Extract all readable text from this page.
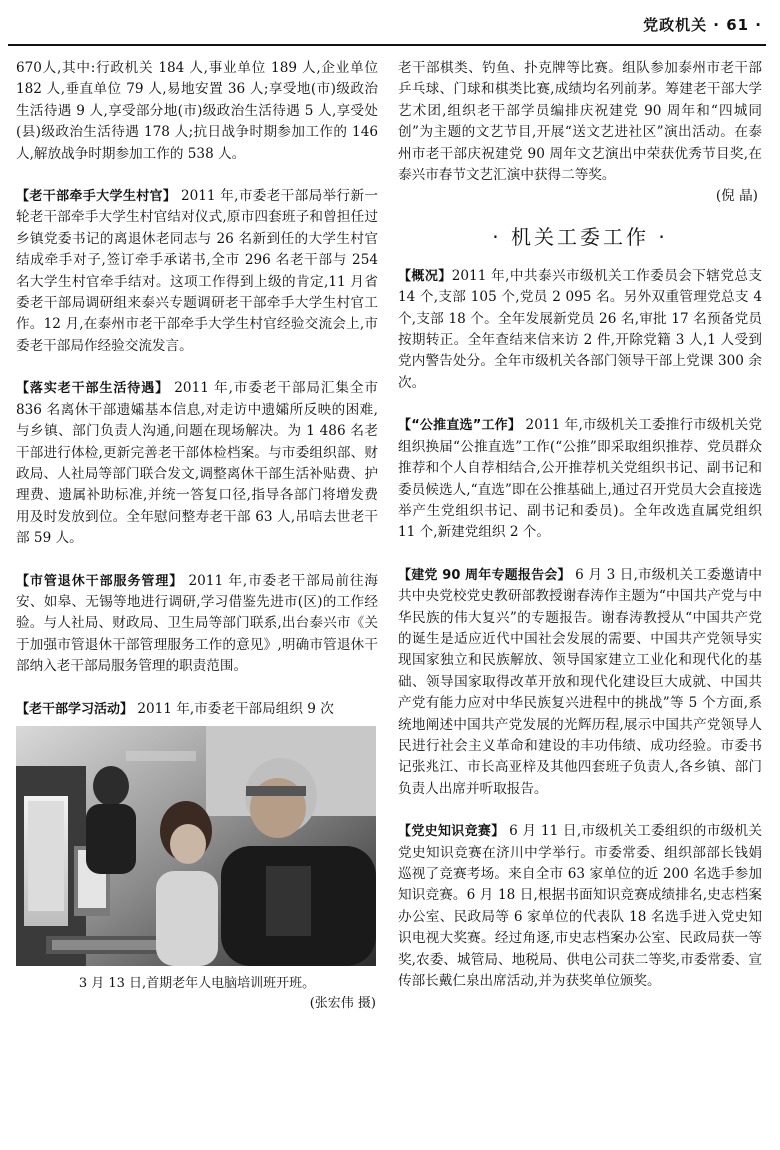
党政机关 · 61 ·

670人,其中:行政机关 184 人,事业单位 189 人,企业单位 182 人,垂直单位 79 人,易地安置 36 人;享受地(市)级政治生活待遇 9 人,享受部分地(市)级政治生活待遇 5 人,享受处(县)级政治生活待遇 178 人;抗日战争时期参加工作的 146 人,解放战争时期参加工作的 538 人。

【老干部牵手大学生村官】 2011 年,市委老干部局举行新一轮老干部牵手大学生村官结对仪式,原市四套班子和曾担任过乡镇党委书记的离退休老同志与 26 名新到任的大学生村官结成牵手对子,签订牵手承诺书,全市 296 名老干部与 254 名大学生村官牵手结对。这项工作得到上级的肯定,11 月省委老干部局调研组来泰兴专题调研老干部牵手大学生村官工作。12 月,在泰州市老干部牵手大学生村官经验交流会上,市委老干部局作经验交流发言。

【落实老干部生活待遇】 2011 年,市委老干部局汇集全市 836 名离休干部遗孀基本信息,对走访中遗孀所反映的困难,与乡镇、部门负责人沟通,问题在现场解决。为 1 486 名老干部进行体检,更新完善老干部体检档案。与市委组织部、财政局、人社局等部门联合发文,调整离休干部生活补贴费、护理费、遗属补助标准,并统一答复口径,指导各部门将增发费用及时发放到位。全年慰问整寿老干部 63 人,吊唁去世老干部 59 人。

【市管退休干部服务管理】 2011 年,市委老干部局前往海安、如皋、无锡等地进行调研,学习借鉴先进市(区)的工作经验。与人社局、财政局、卫生局等部门联系,出台泰兴市《关于加强市管退休干部管理服务工作的意见》,明确市管退休干部纳入老干部局服务管理的职责范围。

【老干部学习活动】 2011 年,市委老干部局组织 9 次

3 月 13 日,首期老年人电脑培训班开班。
(张宏伟 摄)

老干部棋类、钓鱼、扑克牌等比赛。组队参加泰州市老干部乒乓球、门球和棋类比赛,成绩均名列前茅。筹建老干部大学艺术团,组织老干部学员编排庆祝建党 90 周年和“四城同创”为主题的文艺节目,开展“送文艺进社区”演出活动。在泰州市老干部庆祝建党 90 周年文艺演出中荣获优秀节目奖,在泰兴市春节文艺汇演中获得二等奖。
(倪 晶)

· 机关工委工作 ·

【概况】2011 年,中共泰兴市级机关工作委员会下辖党总支 14 个,支部 105 个,党员 2 095 名。另外双重管理党总支 4 个,支部 18 个。全年发展新党员 26 名,审批 17 名预备党员按期转正。全年查结来信来访 2 件,开除党籍 3 人,1 人受到党内警告处分。全年市级机关各部门领导干部上党课 300 余次。

【“公推直选”工作】 2011 年,市级机关工委推行市级机关党组织换届“公推直选”工作(“公推”即采取组织推荐、党员群众推荐和个人自荐相结合,公开推荐机关党组织书记、副书记和委员候选人,“直选”即在公推基础上,通过召开党员大会直接选举产生党组织书记、副书记和委员)。全年改选直属党组织 11 个,新建党组织 2 个。

【建党 90 周年专题报告会】 6 月 3 日,市级机关工委邀请中共中央党校党史教研部教授谢春涛作主题为“中国共产党与中华民族的伟大复兴”的专题报告。谢春涛教授从“中国共产党的诞生是适应近代中国社会发展的需要、中国共产党领导实现国家独立和民族解放、领导国家建立工业化和现代化的基础、领导国家取得改革开放和现代化建设巨大成就、中国共产党有能力应对中华民族复兴进程中的挑战”等 5 个方面,系统地阐述中国共产党发展的光辉历程,展示中国共产党领导人民进行社会主义革命和建设的丰功伟绩、成功经验。市委书记张兆江、市长高亚梓及其他四套班子负责人,各乡镇、部门负责人出席并听取报告。

【党史知识竞赛】 6 月 11 日,市级机关工委组织的市级机关党史知识竞赛在济川中学举行。市委常委、组织部部长钱娟巡视了竞赛考场。来自全市 63 家单位的近 200 名选手参加知识竞赛。6 月 18 日,根据书面知识竞赛成绩排名,史志档案办公室、民政局等 6 家单位的代表队 18 名选手进入党史知识电视大奖赛。经过角逐,市史志档案办公室、民政局获一等奖,农委、城管局、地税局、供电公司获二等奖,市委常委、宣传部长戴仁泉出席活动,并为获奖单位颁奖。
